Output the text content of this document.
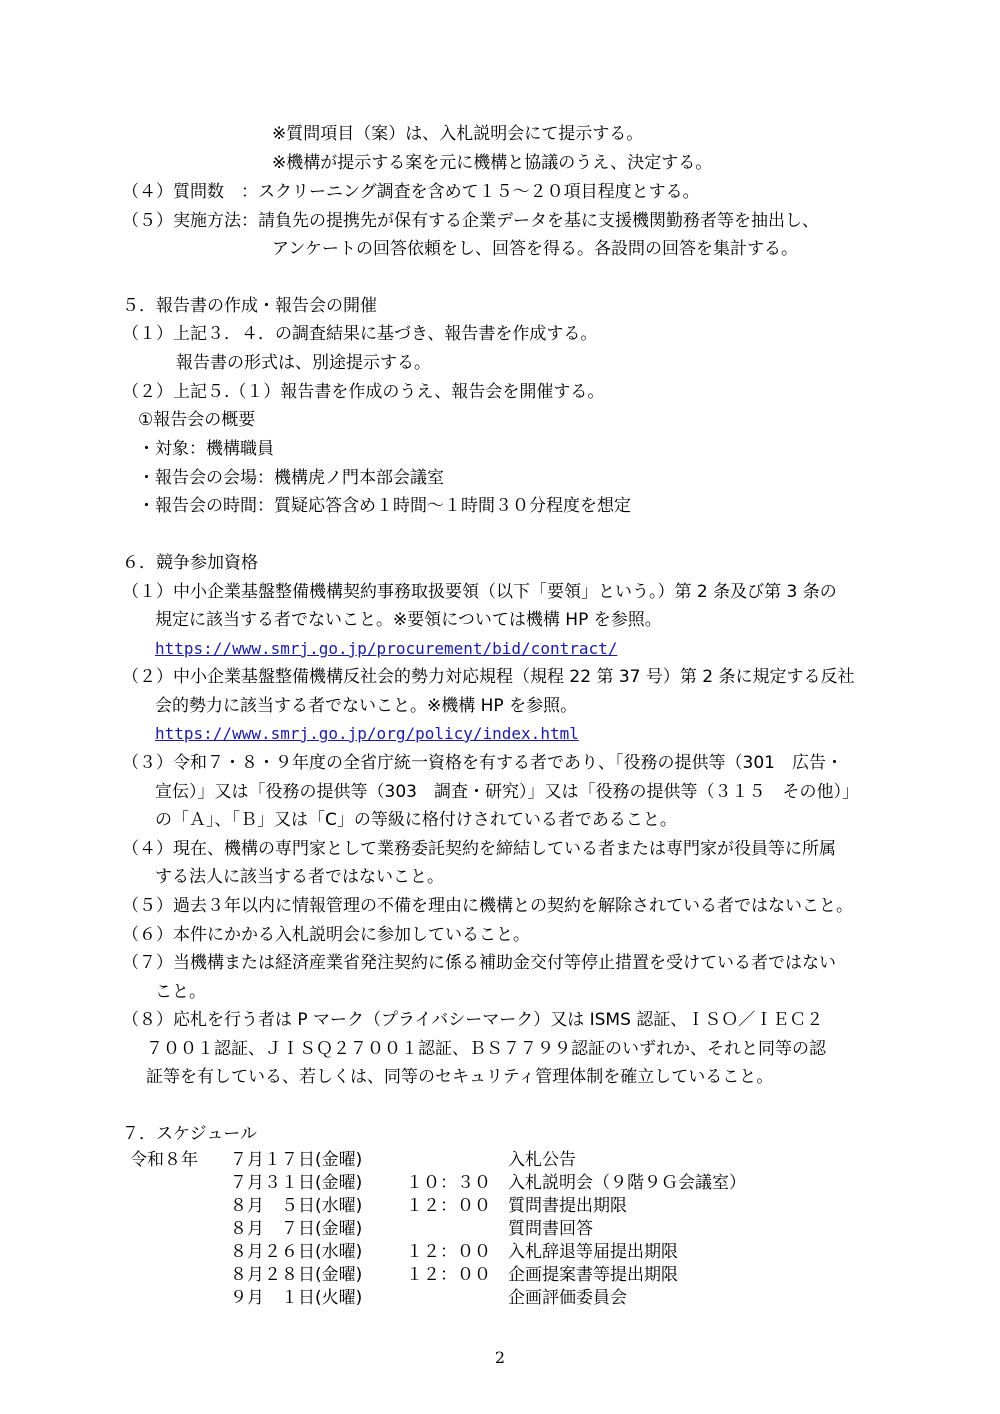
※質問項目（案）は、入札説明会にて提示する。
※機構が提示する案を元に機構と協議のうえ、決定する。
（４）質問数　：スクリーニング調査を含めて１５～２０項目程度とする。
（５）実施方法：請負先の提携先が保有する企業データを基に支援機関勤務者等を抽出し、
アンケートの回答依頼をし、回答を得る。各設問の回答を集計する。
５．報告書の作成・報告会の開催
（１）上記３．４．の調査結果に基づき、報告書を作成する。
報告書の形式は、別途提示する。
（２）上記５.（１）報告書を作成のうえ、報告会を開催する。
①報告会の概要
・対象：機構職員
・報告会の会場：機構虎ノ門本部会議室
・報告会の時間：質疑応答含め１時間～１時間３０分程度を想定
６．競争参加資格
（１）中小企業基盤整備機構契約事務取扱要領（以下「要領」という。）第 2 条及び第 3 条の
規定に該当する者でないこと。※要領については機構 HP を参照。
https://www.smrj.go.jp/procurement/bid/contract/
（２）中小企業基盤整備機構反社会的勢力対応規程（規程 22 第 37 号）第 2 条に規定する反社
会的勢力に該当する者でないこと。※機構 HP を参照。
https://www.smrj.go.jp/org/policy/index.html
（３）令和７・８・９年度の全省庁統一資格を有する者であり、「役務の提供等（301　広告・
宣伝）」又は「役務の提供等（303　調査・研究）」又は「役務の提供等（３１５　その他）」
の「Ａ」、「Ｂ」又は「C」の等級に格付けされている者であること。
（４）現在、機構の専門家として業務委託契約を締結している者または専門家が役員等に所属
する法人に該当する者ではないこと。
（５）過去３年以内に情報管理の不備を理由に機構との契約を解除されている者ではないこと。
（６）本件にかかる入札説明会に参加していること。
（７）当機構または経済産業省発注契約に係る補助金交付等停止措置を受けている者ではない
こと。
（８）応札を行う者は P マーク（プライバシーマーク）又は ISMS 認証、ＩＳＯ／ＩＥＣ２
７００１認証、ＪＩＳＱ２７００１認証、ＢＳ７７９９認証のいずれか、それと同等の認
証等を有している、若しくは、同等のセキュリティ管理体制を確立していること。
７．スケジュール
令和８年 ７月１７日(金曜)	入札公告
７月３１日(金曜)	１０：３０ 入札説明会（９階９Ｇ会議室）
８月　５日(水曜)	１２：００ 質問書提出期限
８月　７日(金曜)	質問書回答
８月２６日(水曜)	１２：００ 入札辞退等届提出期限
８月２８日(金曜)	１２：００ 企画提案書等提出期限
９月　１日(火曜)	企画評価委員会
2
